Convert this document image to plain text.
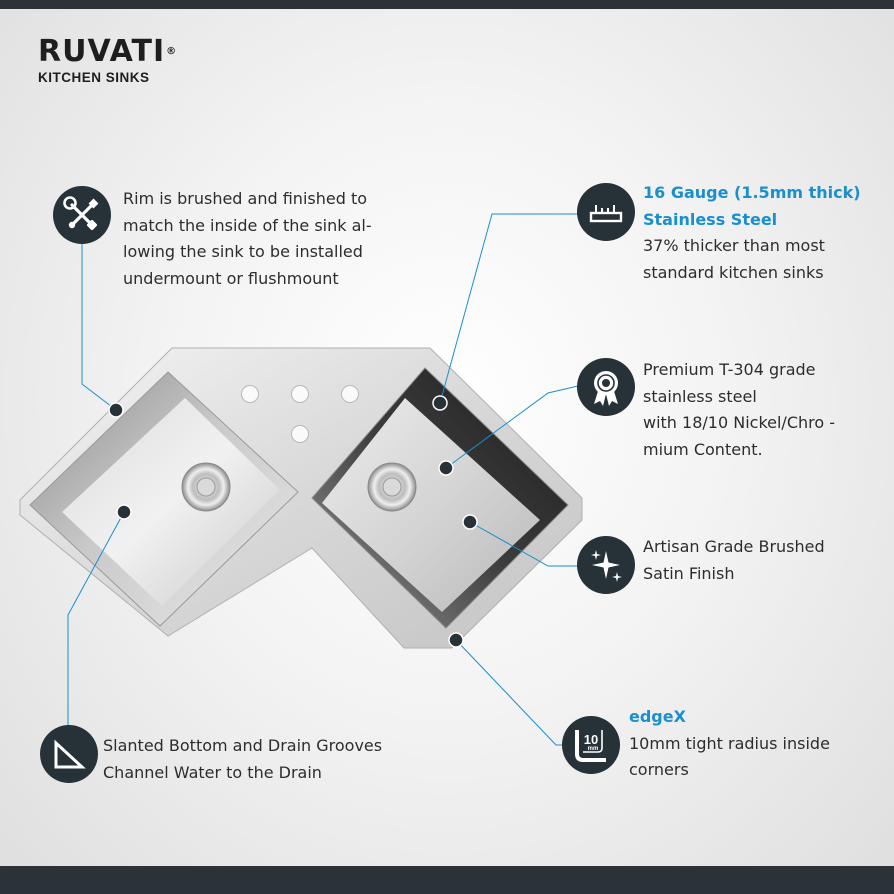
RUVATI®
KITCHEN SINKS
10
mm
Rim is brushed and finished to
match the inside of the sink al-
lowing the sink to be installed
undermount or flushmount
16 Gauge (1.5mm thick)
Stainless Steel
37% thicker than most
standard kitchen sinks
Premium T-304 grade
stainless steel
with 18/10 Nickel/Chro -
mium Content.
Artisan Grade Brushed
Satin Finish
edgeX
10mm tight radius inside
corners
Slanted Bottom and Drain Grooves
Channel Water to the Drain
